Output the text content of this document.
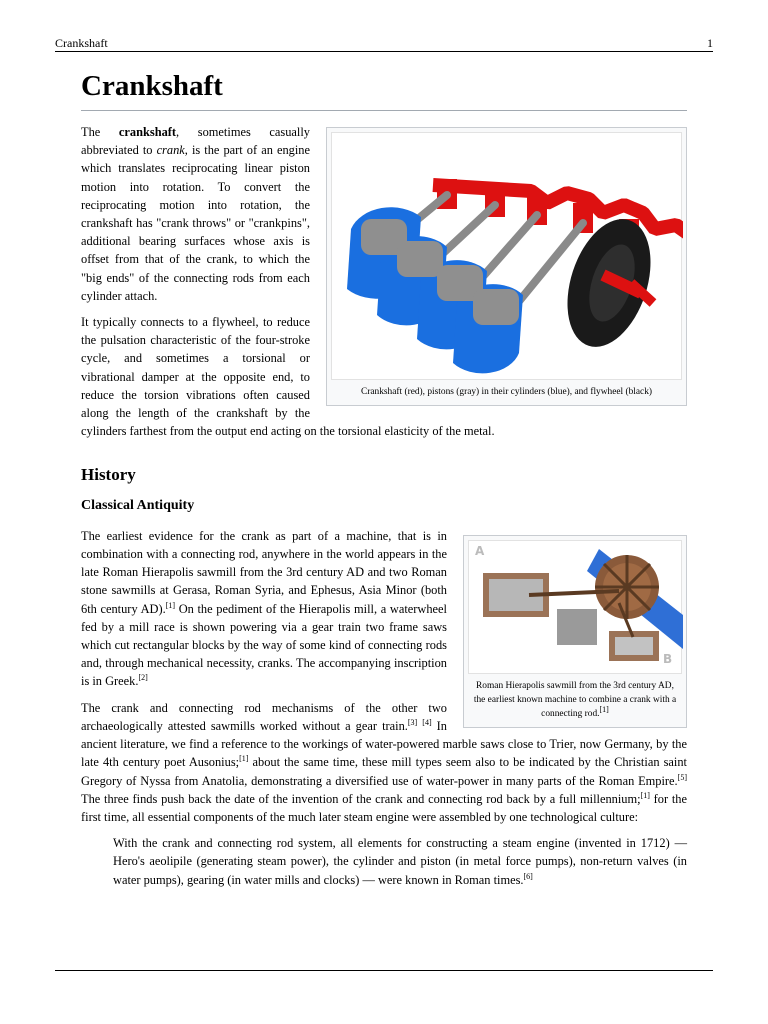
Crankshaft	1
Crankshaft
Crankshaft (red), pistons (gray) in their cylinders (blue), and flywheel (black)

The crankshaft, sometimes casually abbreviated to crank, is the part of an engine which translates reciprocating linear piston motion into rotation. To convert the reciprocating motion into rotation, the crankshaft has "crank throws" or "crankpins", additional bearing surfaces whose axis is offset from that of the crank, to which the "big ends" of the connecting rods from each cylinder attach.

It typically connects to a flywheel, to reduce the pulsation characteristic of the four-stroke cycle, and sometimes a torsional or vibrational damper at the opposite end, to reduce the torsion vibrations often caused along the length of the crankshaft by the cylinders farthest from the output end acting on the torsional elasticity of the metal.

History
Classical Antiquity
A
B
Roman Hierapolis sawmill from the 3rd century AD, the earliest known machine to combine a crank with a connecting rod.[1]

The earliest evidence for the crank as part of a machine, that is in combination with a connecting rod, anywhere in the world appears in the late Roman Hierapolis sawmill from the 3rd century AD and two Roman stone sawmills at Gerasa, Roman Syria, and Ephesus, Asia Minor (both 6th century AD).[1] On the pediment of the Hierapolis mill, a waterwheel fed by a mill race is shown powering via a gear train two frame saws which cut rectangular blocks by the way of some kind of connecting rods and, through mechanical necessity, cranks. The accompanying inscription is in Greek.[2]

The crank and connecting rod mechanisms of the other two archaeologically attested sawmills worked without a gear train.[3] [4] In ancient literature, we find a reference to the workings of water-powered marble saws close to Trier, now Germany, by the late 4th century poet Ausonius;[1] about the same time, these mill types seem also to be indicated by the Christian saint Gregory of Nyssa from Anatolia, demonstrating a diversified use of water-power in many parts of the Roman Empire.[5] The three finds push back the date of the invention of the crank and connecting rod back by a full millennium;[1] for the first time, all essential components of the much later steam engine were assembled by one technological culture:

With the crank and connecting rod system, all elements for constructing a steam engine (invented in 1712) — Hero's aeolipile (generating steam power), the cylinder and piston (in metal force pumps), non-return valves (in water pumps), gearing (in water mills and clocks) — were known in Roman times.[6]
